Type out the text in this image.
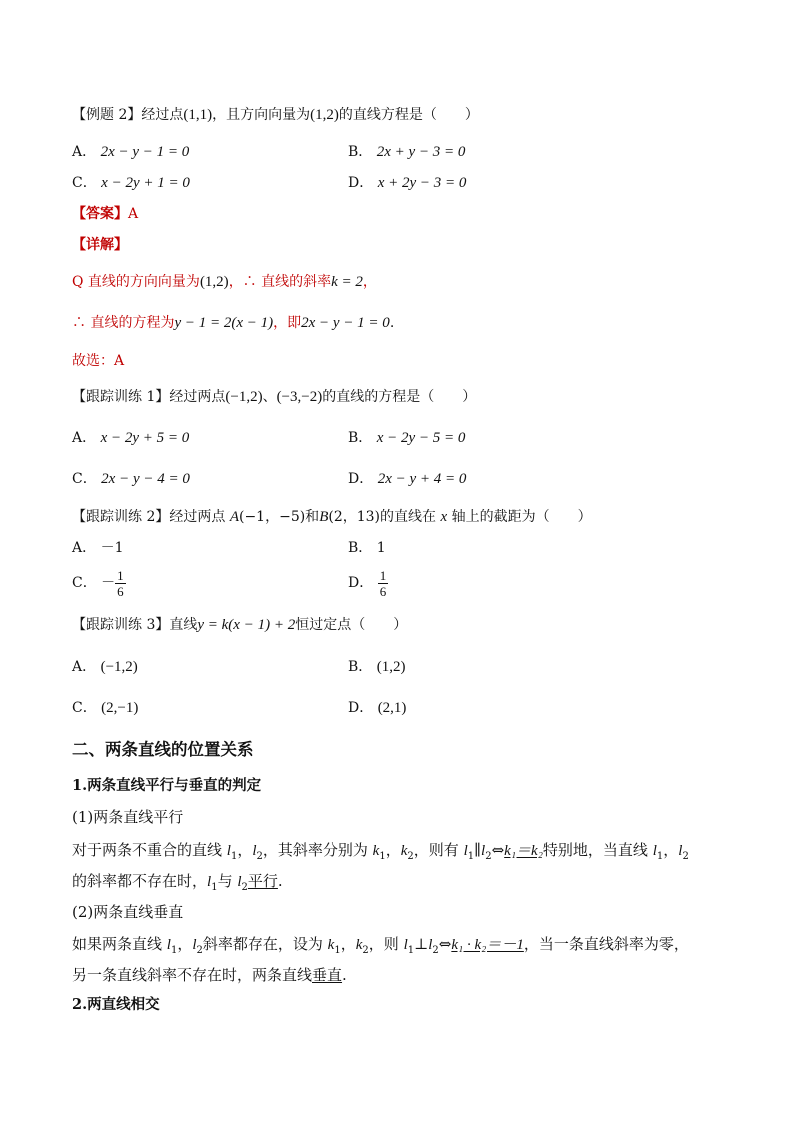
【例题 2】经过点(1,1)，且方向向量为(1,2)的直线方程是（　　）
A． 2x − y − 1 = 0	B． 2x + y − 3 = 0
C． x − 2y + 1 = 0	D． x + 2y − 3 = 0
【答案】A
【详解】
Q 直线的方向向量为(1,2)，∴ 直线的斜率k = 2，
∴ 直线的方程为y − 1 = 2(x − 1)，即2x − y − 1 = 0.
故选：A
【跟踪训练 1】经过两点(−1,2)、(−3,−2)的直线的方程是（　　）
A． x − 2y + 5 = 0	B． x − 2y − 5 = 0
C． 2x − y − 4 = 0	D． 2x − y + 4 = 0
【跟踪训练 2】经过两点 A(−1，−5)和B(2，13)的直线在 x 轴上的截距为（　　）
A． －1	B． 1
C． － $\frac{1}{6}$	D． $\frac{1}{6}$
【跟踪训练 3】直线y = k(x − 1) + 2恒过定点（　　）
A． (−1,2)	B． (1,2)
C． (2,−1)	D． (2,1)
二、两条直线的位置关系
1.两条直线平行与垂直的判定
(1)两条直线平行
对于两条不重合的直线 $l_1$，$l_2$，其斜率分别为 $k_1$，$k_2$，则有 $l_1\parallel l_2\Leftrightarrow k_1=k_2$特别地，当直线 $l_1$，$l_2$
的斜率都不存在时，$l_1$与 $l_2$平行.
(2)两条直线垂直
如果两条直线 $l_1$，$l_2$斜率都存在，设为 $k_1$，$k_2$，则 $l_1\perp l_2\Leftrightarrow k_1 \cdot k_2=-1$，当一条直线斜率为零，
另一条直线斜率不存在时，两条直线垂直.
2.两直线相交
